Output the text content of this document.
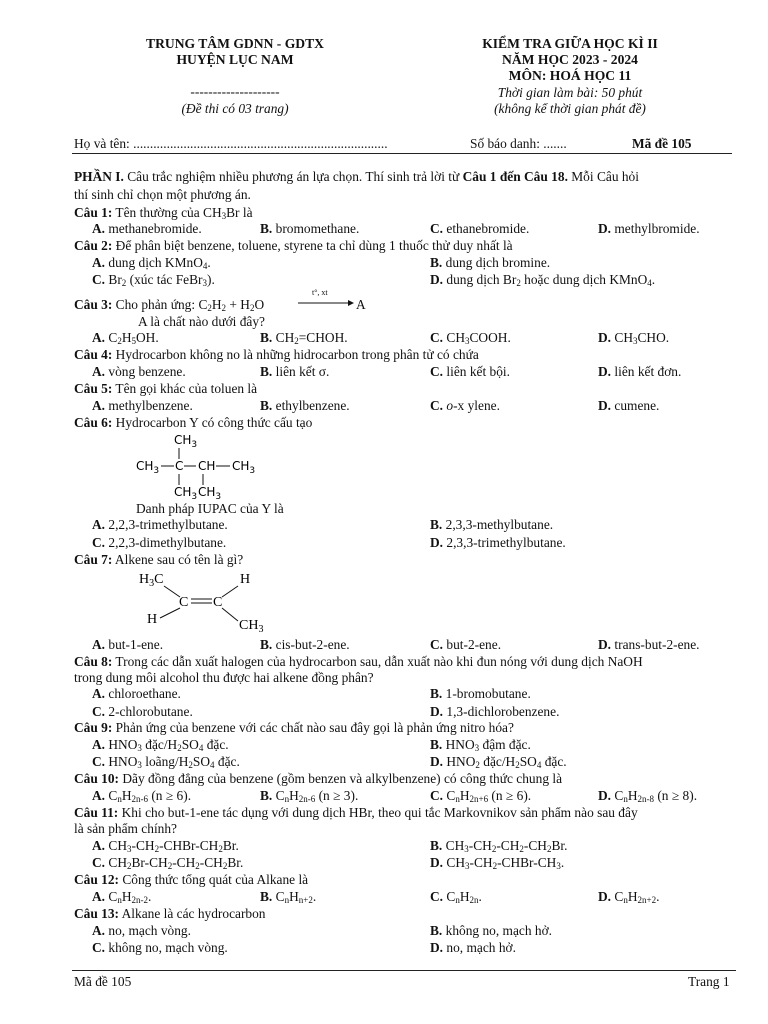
TRUNG TÂM GDNN - GDTX
HUYỆN LỤC NAM
--------------------
(Đề thi có 03 trang)
KIỂM TRA GIỮA HỌC KÌ II
NĂM HỌC 2023 - 2024
MÔN: HOÁ HỌC 11
Thời gian làm bài: 50 phút
(không kể thời gian phát đề)
Họ và tên: ............................................................................	Số báo danh: .......	Mã đề 105
PHẦN I. Câu trắc nghiệm nhiều phương án lựa chọn. Thí sinh trả lời từ Câu 1 đến Câu 18. Mỗi Câu hỏi
thí sinh chỉ chọn một phương án.
Câu 1: Tên thường của $CH_3Br$ là
A. methanebromide.	B. bromomethane.	C. ethanebromide.	D. methylbromide.
Câu 2: Để phân biệt benzene, toluene, styrene ta chỉ dùng 1 thuốc thử duy nhất là
A. dung dịch KMnO$_4$.	B. dung dịch bromine.
C. $Br_2$ (xúc tác FeBr$_3$).	D. dung dịch $Br_2$ hoặc dung dịch KMnO$_4$.
Câu 3: Cho phản ứng: $C_2H_2 + H_2O$
t°, xt
A
A là chất nào dưới đây?
A. $C_2H_5OH$.	B. $CH_2=CHOH$.	C. $CH_3COOH$.	D. $CH_3CHO$.
Câu 4: Hydrocarbon không no là những hidrocarbon trong phân tử có chứa
A. vòng benzene.	B. liên kết σ.	C. liên kết bội.	D. liên kết đơn.
Câu 5: Tên gọi khác của toluen là
A. methylbenzene.	B. ethylbenzene.	C. o-x ylene.	D. cumene.
Câu 6: Hydrocarbon Y có công thức cấu tạo
$CH_3$
$CH_3$ C CH $CH_3$
$CH_3$ $CH_3$
Danh pháp IUPAC của Y là
A. 2,2,3-trimethylbutane.	B. 2,3,3-methylbutane.
C. 2,2,3-dimethylbutane.	D. 2,3,3-trimethylbutane.
Câu 7: Alkene sau có tên là gì?
$H_3C$	H
C C
H	$CH_3$
A. but-1-ene.	B. cis-but-2-ene.	C. but-2-ene.	D. trans-but-2-ene.
Câu 8: Trong các dẫn xuất halogen của hydrocarbon sau, dẫn xuất nào khi đun nóng với dung dịch NaOH
trong dung môi alcohol thu được hai alkene đồng phân?
A. chloroethane.	B. 1-bromobutane.
C. 2-chlorobutane.	D. 1,3-dichlorobenzene.
Câu 9: Phản ứng của benzene với các chất nào sau đây gọi là phản ứng nitro hóa?
A. $HNO_3$ đặc/$H_2SO_4$ đặc.	B. $HNO_3$ đậm đặc.
C. $HNO_3$ loãng/$H_2SO_4$ đặc.	D. $HNO_2$ đặc/$H_2SO_4$ đặc.
Câu 10: Dãy đồng đẳng của benzene (gồm benzen và alkylbenzene) có công thức chung là
A. $C_nH_{2n-6}$ (n ≥ 6).	B. $C_nH_{2n-6}$ (n ≥ 3).	C. $C_nH_{2n+6}$ (n ≥ 6).	D. $C_nH_{2n-8}$ (n ≥ 8).
Câu 11: Khi cho but-1-ene tác dụng với dung dịch HBr, theo qui tắc Markovnikov sản phẩm nào sau đây
là sản phẩm chính?
A. $CH_3-CH_2-CHBr-CH_2Br$.	B. $CH_3-CH_2-CH_2-CH_2Br$.
C. $CH_2Br-CH_2-CH_2-CH_2Br$.	D. $CH_3-CH_2-CHBr-CH_3$.
Câu 12: Công thức tổng quát của Alkane là
A. $C_nH_{2n-2}$.	B. $C_nH_{n+2}$.	C. $C_nH_{2n}$.	D. $C_nH_{2n+2}$.
Câu 13: Alkane là các hydrocarbon
A. no, mạch vòng.	B. không no, mạch hở.
C. không no, mạch vòng.	D. no, mạch hở.
Mã đề 105	Trang 1
